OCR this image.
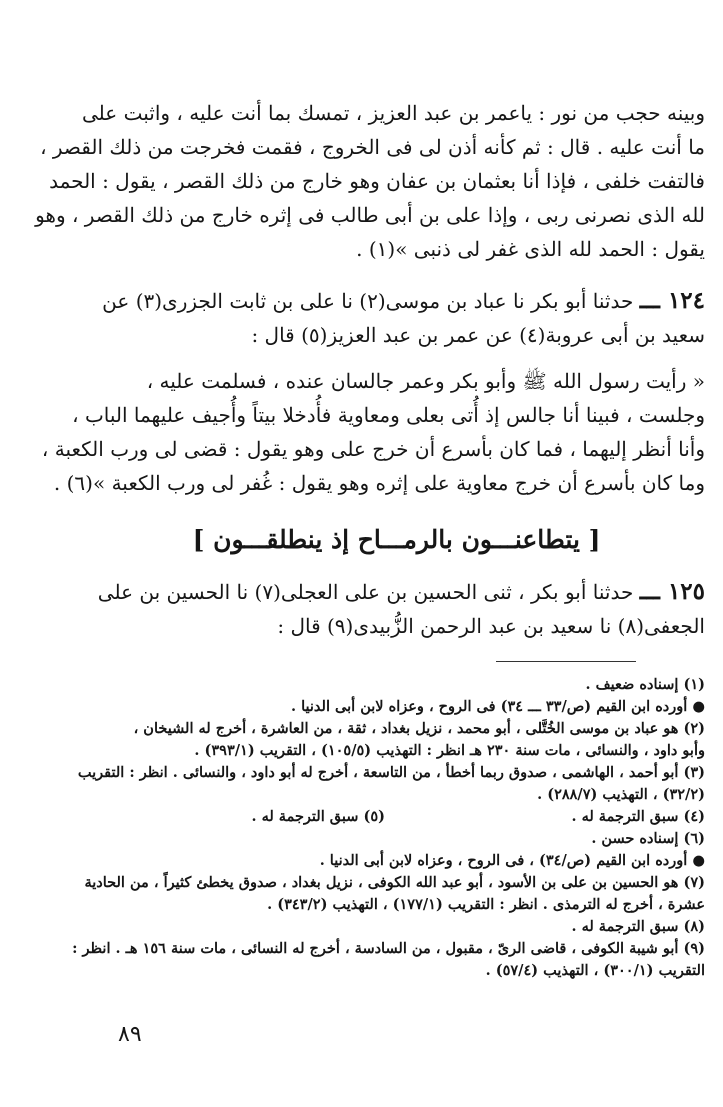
وبينه حجب من نور : ياعمر بن عبد العزيز ، تمسك بما أنت عليه ، واثبت على
ما أنت عليه . قال : ثم كأنه أذن لى فى الخروج ، فقمت فخرجت من ذلك القصر ،
فالتفت خلفى ، فإذا أنا بعثمان بن عفان وهو خارج من ذلك القصر ، يقول : الحمد
لله الذى نصرنى ربى ، وإذا على بن أبى طالب فى إثره خارج من ذلك القصر ، وهو
يقول : الحمد لله الذى غفر لى ذنبى »(١) .
١٢٤ ـــ حدثنا أبو بكر نا عباد بن موسى(٢) نا على بن ثابت الجزرى(٣) عن
سعيد بن أبى عروبة(٤) عن عمر بن عبد العزيز(٥) قال :
« رأيت رسول الله ﷺ وأبو بكر وعمر جالسان عنده ، فسلمت عليه ،
وجلست ، فبينا أنا جالس إذ أُتى بعلى ومعاوية فأُدخلا بيتاً وأُجيف عليهما الباب ،
وأنا أنظر إليهما ، فما كان بأسرع أن خرج على وهو يقول : قضى لى ورب الكعبة ،
وما كان بأسرع أن خرج معاوية على إثره وهو يقول : غُفر لى ورب الكعبة »(٦) .
[ يتطاعنـــون بالرمـــاح إذ ينطلقـــون ]
١٢٥ ـــ حدثنا أبو بكر ، ثنى الحسين بن على العجلى(٧) نا الحسين بن على
الجعفى(٨) نا سعيد بن عبد الرحمن الزُّبيدى(٩) قال :
(١) إسناده ضعيف .
● أورده ابن القيم (ص/٣٣ ـــ ٣٤) فى الروح ، وعزاه لابن أبى الدنيا .
(٢) هو عباد بن موسى الخُتَّلى ، أبو محمد ، نزيل بغداد ، ثقة ، من العاشرة ، أخرج له الشيخان ،
وأبو داود ، والنسائى ، مات سنة ٢٣٠ هـ انظر : التهذيب (١٠٥/٥) ، التقريب (٣٩٣/١) .
(٣) أبو أحمد ، الهاشمى ، صدوق ربما أخطأ ، من التاسعة ، أخرج له أبو داود ، والنسائى . انظر : التقريب
(٣٢/٢) ، التهذيب (٢٨٨/٧) .
(٤) سبق الترجمة له .
(٥) سبق الترجمة له .
(٦) إسناده حسن .
● أورده ابن القيم (ص/٣٤) ، فى الروح ، وعزاه لابن أبى الدنيا .
(٧) هو الحسين بن على بن الأسود ، أبو عبد الله الكوفى ، نزيل بغداد ، صدوق يخطئ كثيراً ، من الحادية
عشرة ، أخرج له الترمذى . انظر : التقريب (١٧٧/١) ، التهذيب (٣٤٣/٢) .
(٨) سبق الترجمة له .
(٩) أبو شيبة الكوفى ، قاضى الرىّ ، مقبول ، من السادسة ، أخرج له النسائى ، مات سنة ١٥٦ هـ . انظر :
التقريب (٣٠٠/١) ، التهذيب (٥٧/٤) .
٨٩
